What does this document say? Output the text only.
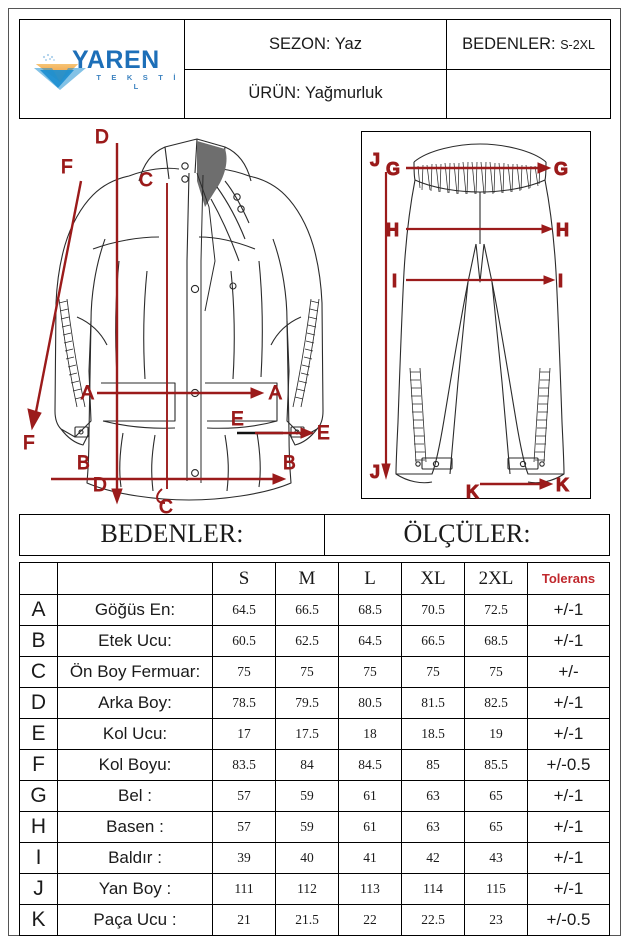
YAREN
T E K S T İ L	SEZON: Yaz	BEDENLER: S-2XL
	ÜRÜN: Yağmurluk	
A	A
B	B
C
C
D
D
E
E
F
F
G	G
H	H
I	I
J
J
K	K
BEDENLER:	ÖLÇÜLER:
		S	M	L	XL	2XL	Tolerans
A	Göğüs En:	64.5	66.5	68.5	70.5	72.5	+/-1
B	Etek Ucu:	60.5	62.5	64.5	66.5	68.5	+/-1
C	Ön Boy Fermuar:	75	75	75	75	75	+/-
D	Arka Boy:	78.5	79.5	80.5	81.5	82.5	+/-1
E	Kol Ucu:	17	17.5	18	18.5	19	+/-1
F	Kol Boyu:	83.5	84	84.5	85	85.5	+/-0.5
G	Bel :	57	59	61	63	65	+/-1
H	Basen :	57	59	61	63	65	+/-1
I	Baldır :	39	40	41	42	43	+/-1
J	Yan Boy :	111	112	113	114	115	+/-1
K	Paça Ucu :	21	21.5	22	22.5	23	+/-0.5
